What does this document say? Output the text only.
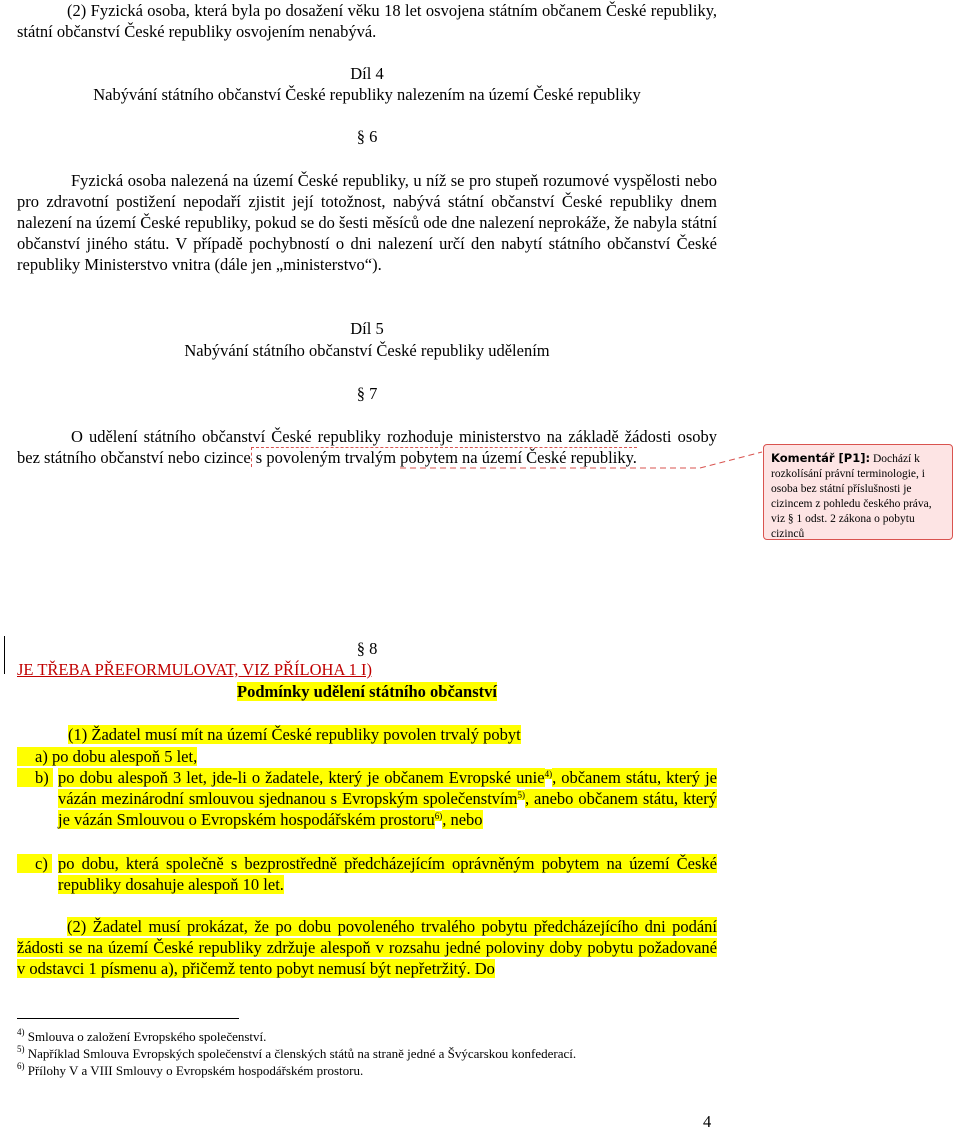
(2) Fyzická osoba, která byla po dosažení věku 18 let osvojena státním občanem České republiky, státní občanství České republiky osvojením nenabývá.
Díl 4
Nabývání státního občanství České republiky nalezením na území České republiky
§ 6
Fyzická osoba nalezená na území České republiky, u níž se pro stupeň rozumové vyspělosti nebo pro zdravotní postižení nepodaří zjistit její totožnost, nabývá státní občanství České republiky dnem nalezení na území České republiky, pokud se do šesti měsíců ode dne nalezení neprokáže, že nabyla státní občanství jiného státu. V případě pochybností o dni nalezení určí den nabytí státního občanství České republiky Ministerstvo vnitra (dále jen „ministerstvo“).
Díl 5
Nabývání státního občanství České republiky udělením
§ 7
O udělení státního občanství České republiky rozhoduje ministerstvo na základě žádosti osoby bez státního občanství nebo cizince s povoleným trvalým pobytem na území České republiky.	Komentář [P1]: Dochází k rozkolísání právní terminologie, i osoba bez státní příslušnosti je cizincem z pohledu českého práva, viz § 1 odst. 2 zákona o pobytu cizinců
§ 8
JE TŘEBA PŘEFORMULOVAT, VIZ PŘÍLOHA 1 I)
Podmínky udělení státního občanství
(1) Žadatel musí mít na území České republiky povolen trvalý pobyt
a) po dobu alespoň 5 let,
b) po dobu alespoň 3 let, jde-li o žadatele, který je občanem Evropské unie$^{4)}$, občanem státu, který je vázán mezinárodní smlouvou sjednanou s Evropským společenstvím$^{5)}$, anebo občanem státu, který je vázán Smlouvou o Evropském hospodářském prostoru$^{6)}$, nebo
c) po dobu, která společně s bezprostředně předcházejícím oprávněným pobytem na území České republiky dosahuje alespoň 10 let.
(2) Žadatel musí prokázat, že po dobu povoleného trvalého pobytu předcházejícího dni podání žádosti se na území České republiky zdržuje alespoň v rozsahu jedné poloviny doby pobytu požadované v odstavci 1 písmenu a), přičemž tento pobyt nemusí být nepřetržitý. Do
$^{4)}$ Smlouva o založení Evropského společenství.
$^{5)}$ Například Smlouva Evropských společenství a členských států na straně jedné a Švýcarskou konfederací.
$^{6)}$ Přílohy V a VIII Smlouvy o Evropském hospodářském prostoru.
4
